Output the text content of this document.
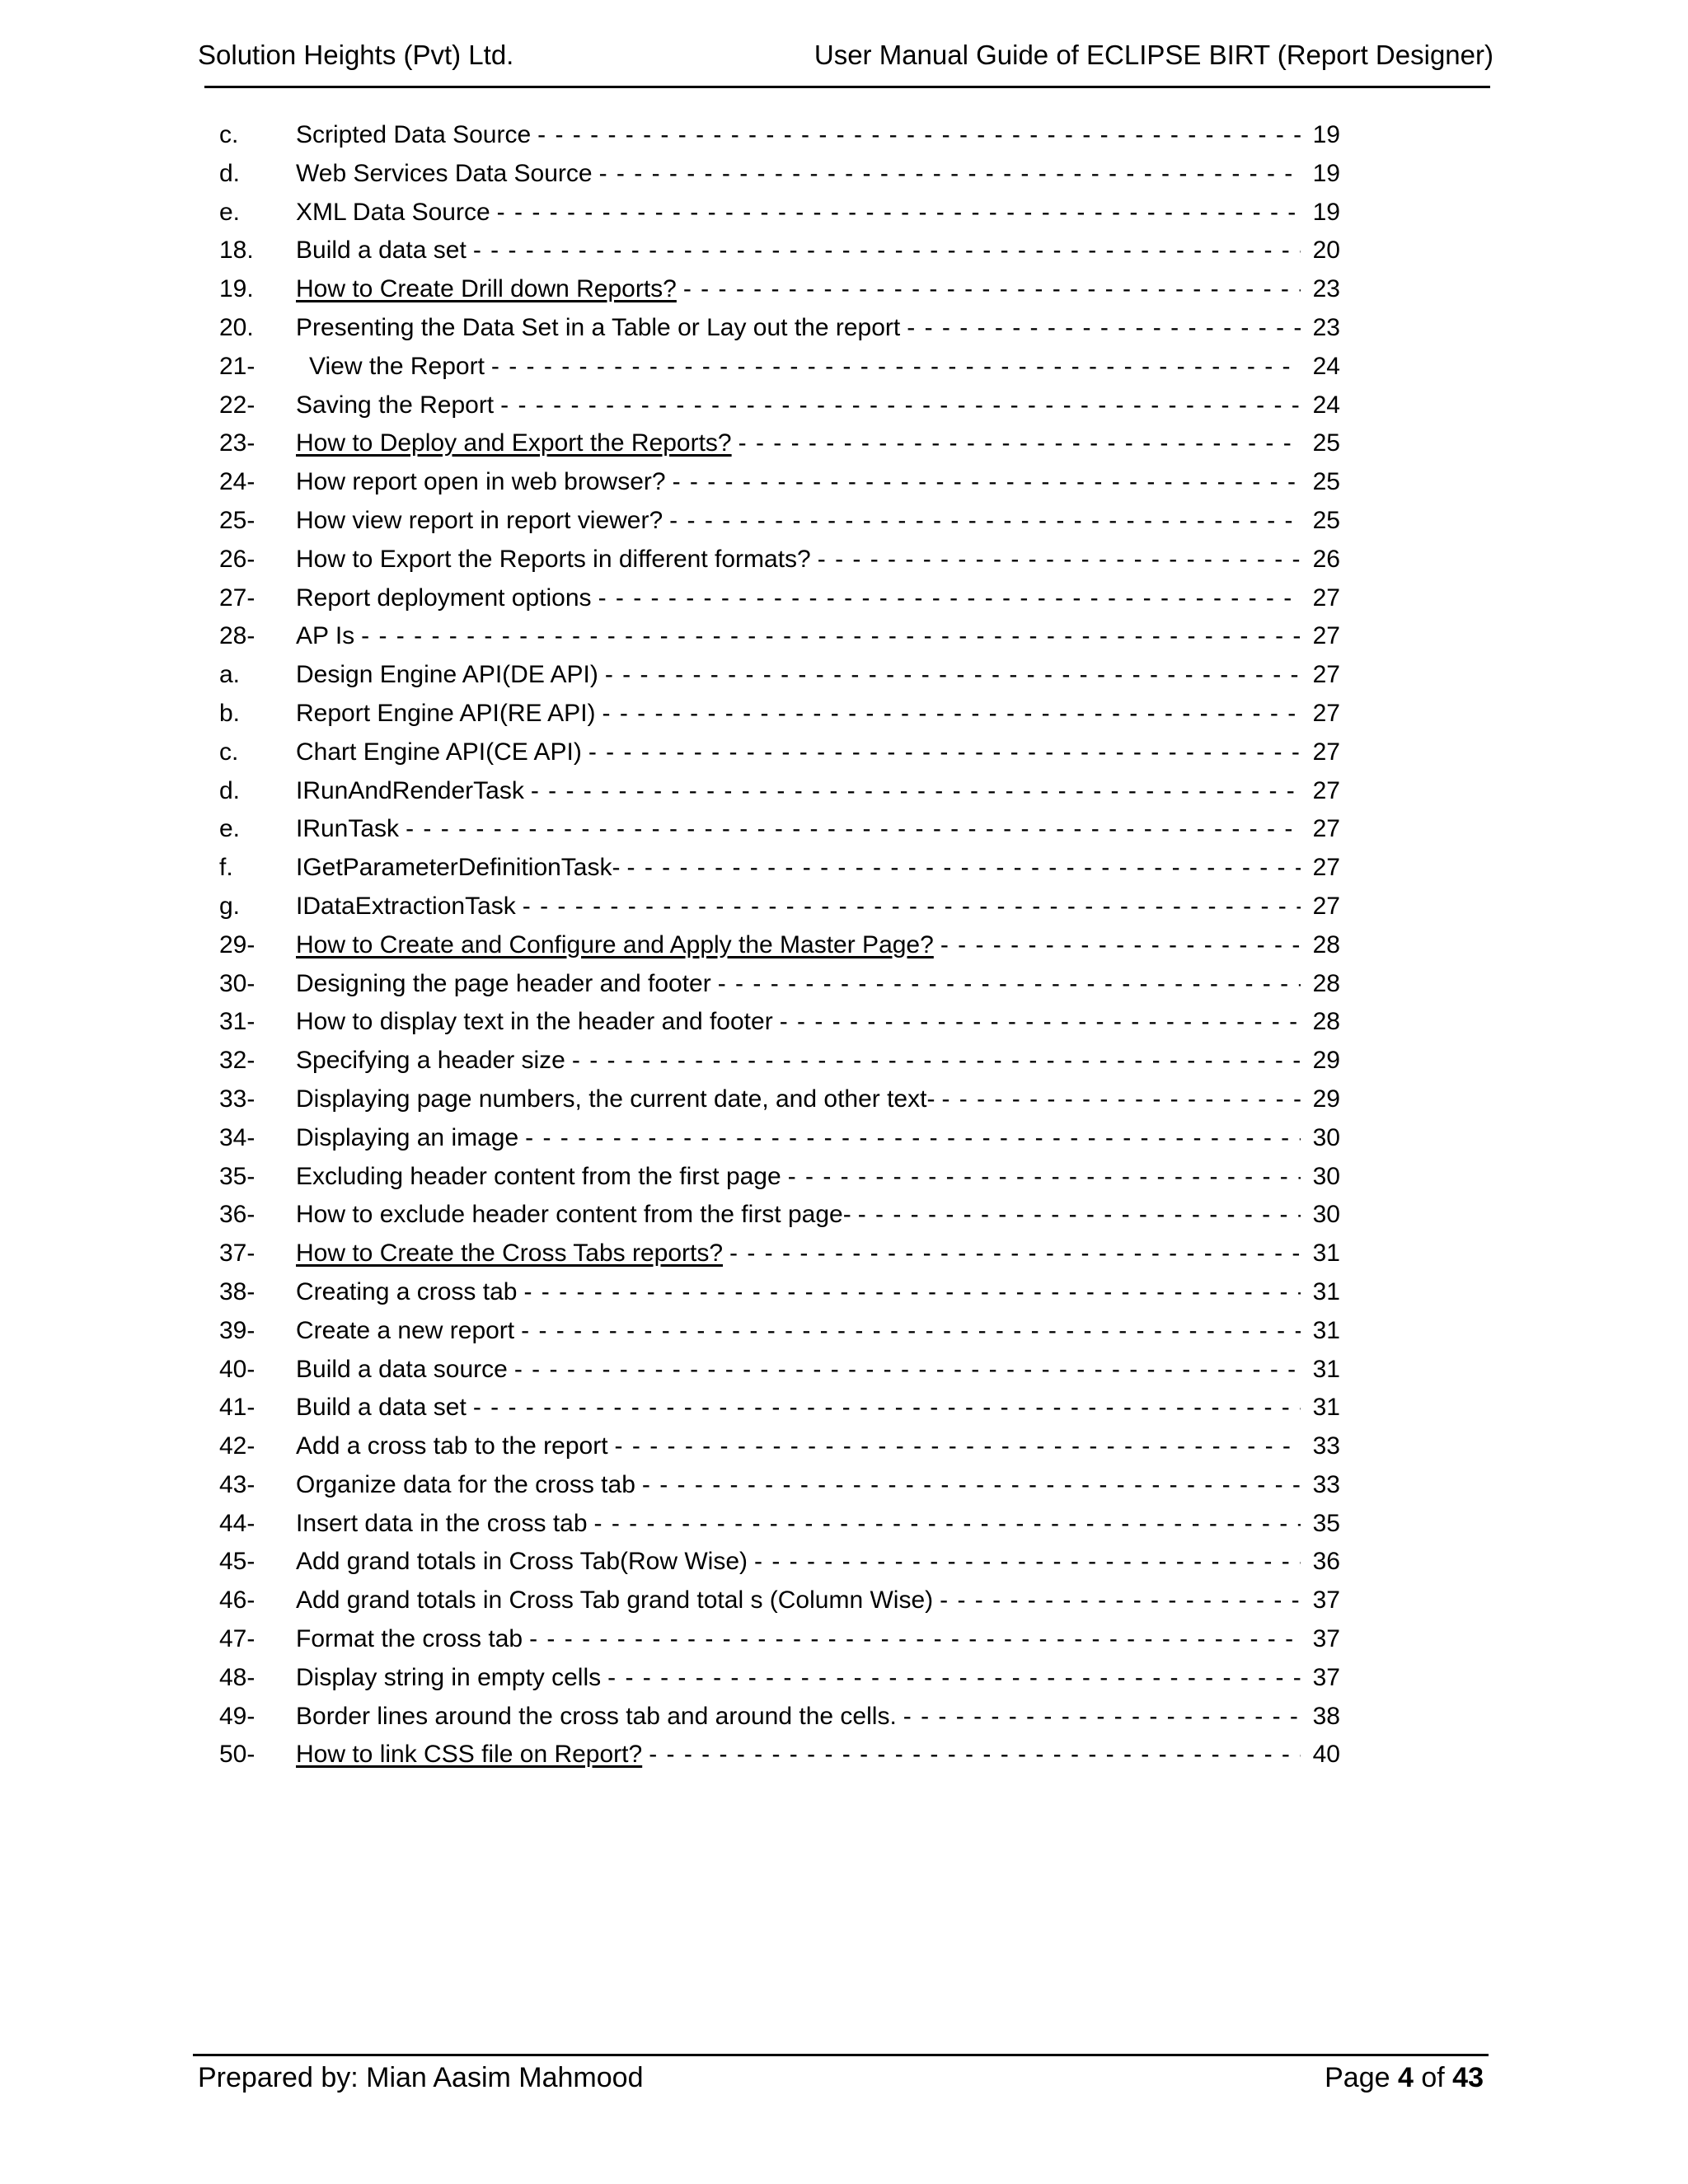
Solution Heights (Pvt) Ltd.	User Manual Guide of ECLIPSE BIRT (Report Designer)
c. Scripted Data Source - - -	19
d. Web Services Data Source - - -	19
e. XML Data Source - - -	19
18. Build a data set - - -	20
19. How to Create Drill down Reports? - - -	23
20. Presenting the Data Set in a Table or Lay out the report - - -	23
21-	View the Report - - -	24
22- Saving the Report - - -	24
23- How to Deploy and Export the Reports? - - -	25
24- How report open in web browser? - - -	25
25- How view report in report viewer? - - -	25
26- How to Export the Reports in different formats? - - -	26
27- Report deployment options - - -	27
28- AP Is - - -	27
a. Design Engine API(DE API) - - -	27
b. Report Engine API(RE API) - - -	27
c. Chart Engine API(CE API) - - -	27
d. IRunAndRenderTask - - -	27
e. IRunTask - - -	27
f.	IGetParameterDefinitionTask- - - -	27
g. IDataExtractionTask - - -	27
29- How to Create and Configure and Apply the Master Page? - - -	28
30- Designing the page header and footer - - -	28
31- How to display text in the header and footer - - -	28
32- Specifying a header size - - -	29
33- Displaying page numbers, the current date, and other text- - - -	29
34- Displaying an image - - -	30
35- Excluding header content from the first page - - -	30
36- How to exclude header content from the first page- - - -	30
37- How to Create the Cross Tabs reports? - - -	31
38- Creating a cross tab - - -	31
39- Create a new report - - -	31
40- Build a data source - - -	31
41- Build a data set - - -	31
42- Add a cross tab to the report - - -	33
43- Organize data for the cross tab - - -	33
44- Insert data in the cross tab - - -	35
45- Add grand totals in Cross Tab(Row Wise) - - -	36
46- Add grand totals in Cross Tab grand total s (Column Wise) - - -	37
47- Format the cross tab - - -	37
48- Display string in empty cells - - -	37
49- Border lines around the cross tab and around the cells. - - -	38
50- How to link CSS file on Report? - - -	40
Prepared by: Mian Aasim Mahmood	Page 4 of 43
